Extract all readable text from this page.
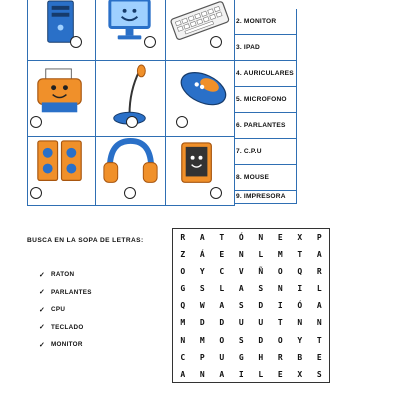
2. MONITOR
3. IPAD
4. AURICULARES
5. MICROFONO
6. PARLANTES
7. C.P.U
8. MOUSE
9. IMPRESORA
BUSCA EN LA SOPA DE LETRAS:
✓ RATON
✓ PARLANTES
✓ CPU
✓ TECLADO
✓ MONITOR
R	A	T	Ó	N	E	X	P
Z	Á	E	N	L	M	T	A
O	Y	C	V	Ñ	O	Q	R
G	S	L	A	S	N	I	L
Q	W	A	S	D	I	Ó	A
M	D	D	U	U	T	N	N
N	M	O	S	D	O	Y	T
C	P	U	G	H	R	B	E
A	N	A	I	L	E	X	S
